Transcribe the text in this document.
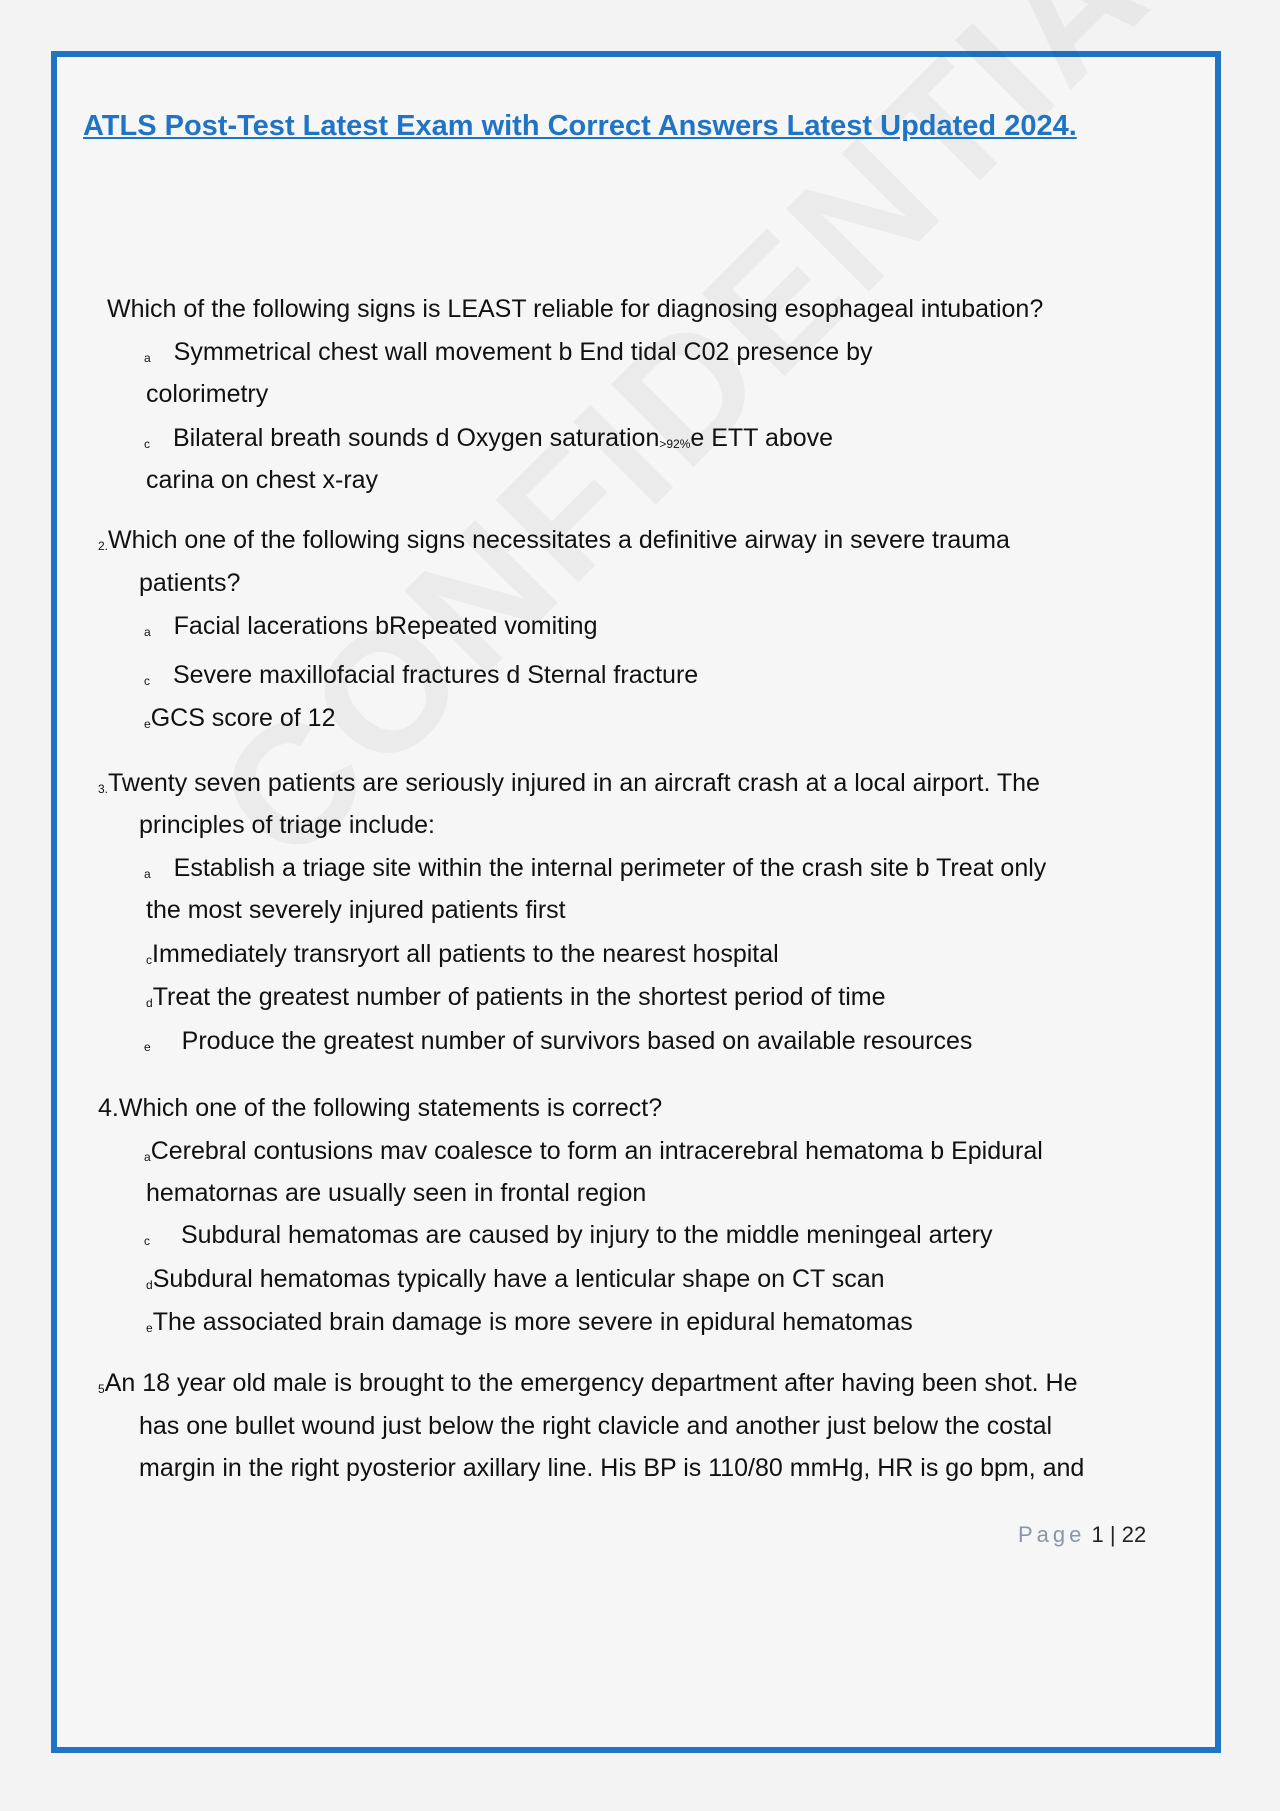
ATLS Post-Test Latest Exam with Correct Answers Latest Updated 2024.
Which of the following signs is LEAST reliable for diagnosing esophageal intubation?
a Symmetrical chest wall movement b End tidal C02 presence by
colorimetry
c Bilateral breath sounds d Oxygen saturation>92%e ETT above
carina on chest x-ray
2.Which one of the following signs necessitates a definitive airway in severe trauma
patients?
a Facial lacerations bRepeated vomiting
c Severe maxillofacial fractures d Sternal fracture
eGCS score of 12
3.Twenty seven patients are seriously injured in an aircraft crash at a local airport. The
principles of triage include:
a Establish a triage site within the internal perimeter of the crash site b Treat only
the most severely injured patients first
cImmediately transryort all patients to the nearest hospital
dTreat the greatest number of patients in the shortest period of time
e Produce the greatest number of survivors based on available resources
4.Which one of the following statements is correct?
aCerebral contusions mav coalesce to form an intracerebral hematoma b Epidural
hematornas are usually seen in frontal region
c Subdural hematomas are caused by injury to the middle meningeal artery
dSubdural hematomas typically have a lenticular shape on CT scan
eThe associated brain damage is more severe in epidural hematomas
5An 18 year old male is brought to the emergency department after having been shot. He
has one bullet wound just below the right clavicle and another just below the costal
margin in the right pyosterior axillary line. His BP is 110/80 mmHg, HR is go bpm, and
Page 1 | 22
